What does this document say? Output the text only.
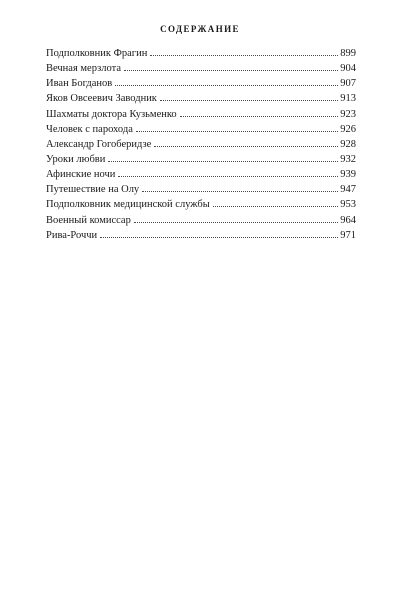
СОДЕРЖАНИЕ
Подполковник Фрагин	899
Вечная мерзлота	904
Иван Богданов	907
Яков Овсеевич Заводник	913
Шахматы доктора Кузьменко	923
Человек с парохода	926
Александр Гогоберидзе	928
Уроки любви	932
Афинские ночи	939
Путешествие на Олу	947
Подполковник медицинской службы	953
Военный комиссар	964
Рива-Роччи	971
